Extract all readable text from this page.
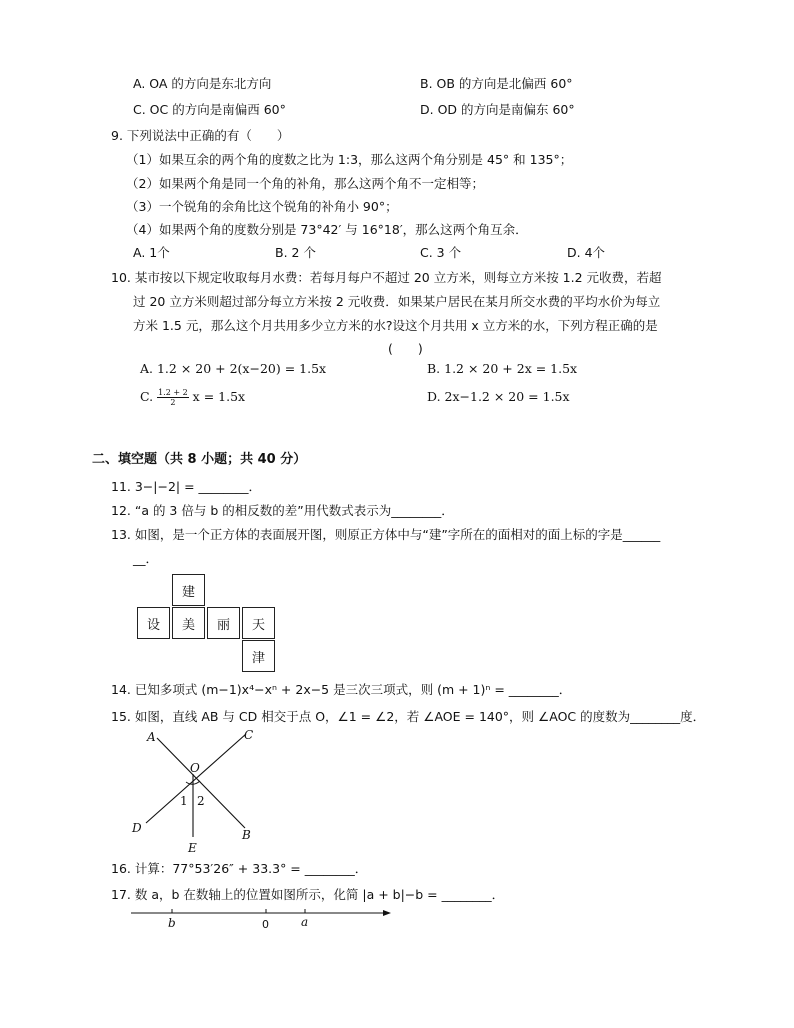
A. OA 的方向是东北方向	B. OB 的方向是北偏西 60°
C. OC 的方向是南偏西 60°	D. OD 的方向是南偏东 60°
9. 下列说法中正确的有（　　）
（1）如果互余的两个角的度数之比为 1:3，那么这两个角分别是 45° 和 135°；
（2）如果两个角是同一个角的补角，那么这两个角不一定相等；
（3）一个锐角的余角比这个锐角的补角小 90°；
（4）如果两个角的度数分别是 73°42′ 与 16°18′，那么这两个角互余．
A. 1个	B. 2 个	C. 3 个	D. 4个
10. 某市按以下规定收取每月水费：若每月每户不超过 20 立方米，则每立方米按 1.2 元收费，若超
过 20 立方米则超过部分每立方米按 2 元收费．如果某户居民在某月所交水费的平均水价为每立
方米 1.5 元，那么这个月共用多少立方米的水?设这个月共用 x 立方米的水，下列方程正确的是
(　　)
A. 1.2 × 20 + 2(x−20) = 1.5x	B. 1.2 × 20 + 2x = 1.5x
C. $\frac{1.2 + 2}{2}$ x = 1.5x	D. 2x−1.2 × 20 = 1.5x
二、填空题（共 8 小题；共 40 分）
11. 3−|−2| = ________．
12. “a 的 3 倍与 b 的相反数的差”用代数式表示为________．
13. 如图，是一个正方体的表面展开图，则原正方体中与“建”字所在的面相对的面上标的字是______
__．
建
设	美	丽	天
津
14. 已知多项式 (m−1)x⁴−xⁿ + 2x−5 是三次三项式，则 (m + 1)ⁿ = ________．
15. 如图，直线 AB 与 CD 相交于点 O，∠1 = ∠2，若 ∠AOE = 140°，则 ∠AOC 的度数为________度．
A	C
O
1 2
D	B
E
16. 计算：77°53′26″ + 33.3° = ________．
17. 数 a，b 在数轴上的位置如图所示，化简 |a + b|−b = ________．
b	0	a
